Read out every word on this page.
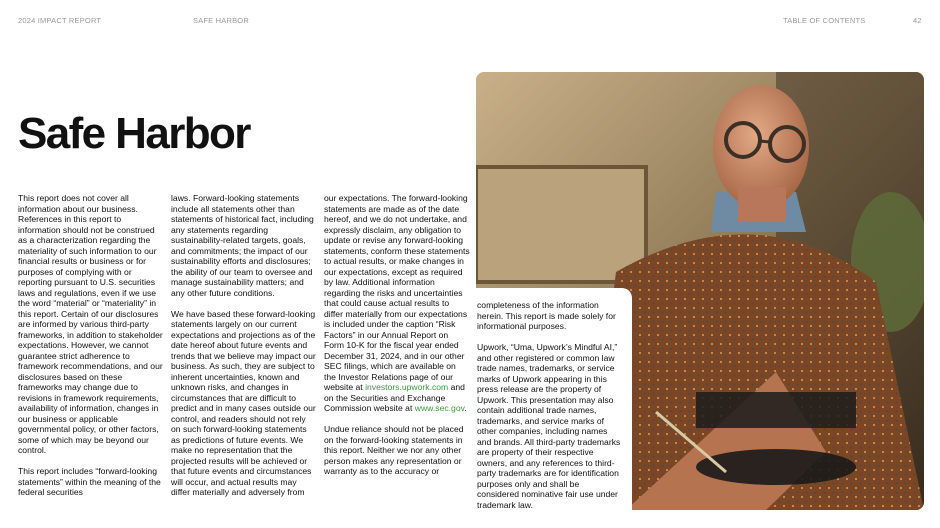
2024 IMPACT REPORT	SAFE HARBOR	TABLE OF CONTENTS	42
Safe Harbor

This report does not cover all information about our business. References in this report to information should not be construed as a characterization regarding the materiality of such information to our financial results or business or for purposes of complying with or reporting pursuant to U.S. securities laws and regulations, even if we use the word “material” or “materiality” in this report. Certain of our disclosures are informed by various third-party frameworks, in addition to stakeholder expectations. However, we cannot guarantee strict adherence to framework recommendations, and our disclosures based on these frameworks may change due to revisions in framework requirements, availability of information, changes in our business or applicable governmental policy, or other factors, some of which may be beyond our control.

This report includes “forward-looking statements” within the meaning of the federal securities

laws. Forward-looking statements include all statements other than statements of historical fact, including any statements regarding sustainability-related targets, goals, and commitments; the impact of our sustainability efforts and disclosures; the ability of our team to oversee and manage sustainability matters; and any other future conditions.

We have based these forward-looking statements largely on our current expectations and projections as of the date hereof about future events and trends that we believe may impact our business. As such, they are subject to inherent uncertainties, known and unknown risks, and changes in circumstances that are difficult to predict and in many cases outside our control, and readers should not rely on such forward-looking statements as predictions of future events. We make no representation that the projected results will be achieved or that future events and circumstances will occur, and actual results may differ materially and adversely from

our expectations. The forward-looking statements are made as of the date hereof, and we do not undertake, and expressly disclaim, any obligation to update or revise any forward-looking statements, conform these statements to actual results, or make changes in our expectations, except as required by law. Additional information regarding the risks and uncertainties that could cause actual results to differ materially from our expectations is included under the caption “Risk Factors” in our Annual Report on Form 10-K for the fiscal year ended December 31, 2024, and in our other SEC filings, which are available on the Investor Relations page of our website at investors.upwork.com and on the Securities and Exchange Commission website at www.sec.gov.

Undue reliance should not be placed on the forward-looking statements in this report. Neither we nor any other person makes any representation or warranty as to the accuracy or

completeness of the information herein. This report is made solely for informational purposes.

Upwork, “Uma, Upwork’s Mindful AI,” and other registered or common law trade names, trademarks, or service marks of Upwork appearing in this press release are the property of Upwork. This presentation may also contain additional trade names, trademarks, and service marks of other companies, including names and brands. All third-party trademarks are property of their respective owners, and any references to third-party trademarks are for identification purposes only and shall be considered nominative fair use under trademark law.
